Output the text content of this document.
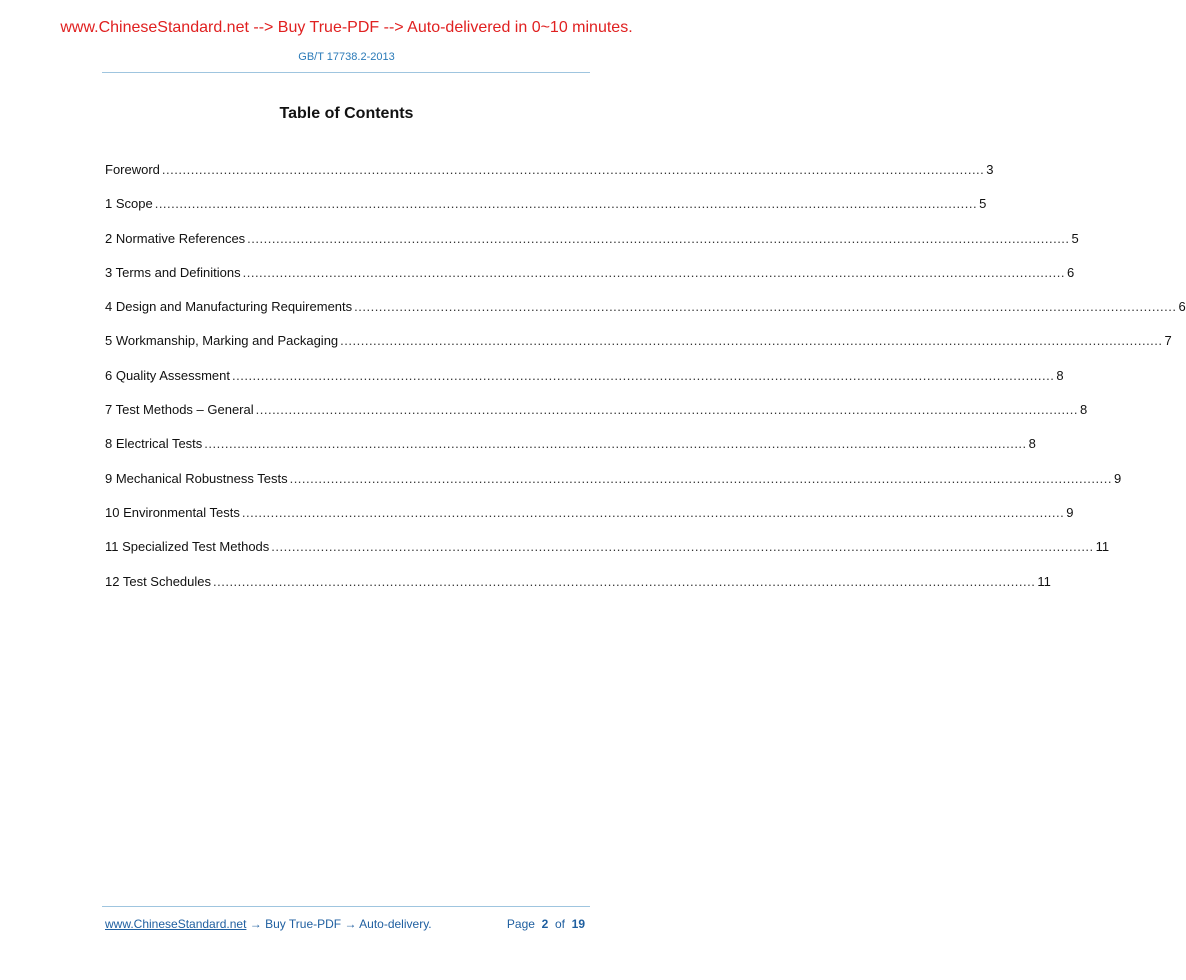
www.ChineseStandard.net --> Buy True-PDF --> Auto-delivered in 0~10 minutes.
GB/T 17738.2-2013
Table of Contents
Foreword ........................................................................................................................................................................................................ 3
1 Scope ........................................................................................................................................................................................................ 5
2 Normative References ........................................................................................................................................................................................................ 5
3 Terms and Definitions ........................................................................................................................................................................................................ 6
4 Design and Manufacturing Requirements ........................................................................................................................................................................................................ 6
5 Workmanship, Marking and Packaging ........................................................................................................................................................................................................ 7
6 Quality Assessment ........................................................................................................................................................................................................ 8
7 Test Methods – General ........................................................................................................................................................................................................ 8
8 Electrical Tests ........................................................................................................................................................................................................ 8
9 Mechanical Robustness Tests ........................................................................................................................................................................................................ 9
10 Environmental Tests ........................................................................................................................................................................................................ 9
11 Specialized Test Methods ........................................................................................................................................................................................................ 11
12 Test Schedules ........................................................................................................................................................................................................ 11
www.ChineseStandard.net → Buy True-PDF → Auto-delivery.	Page 2 of 19
